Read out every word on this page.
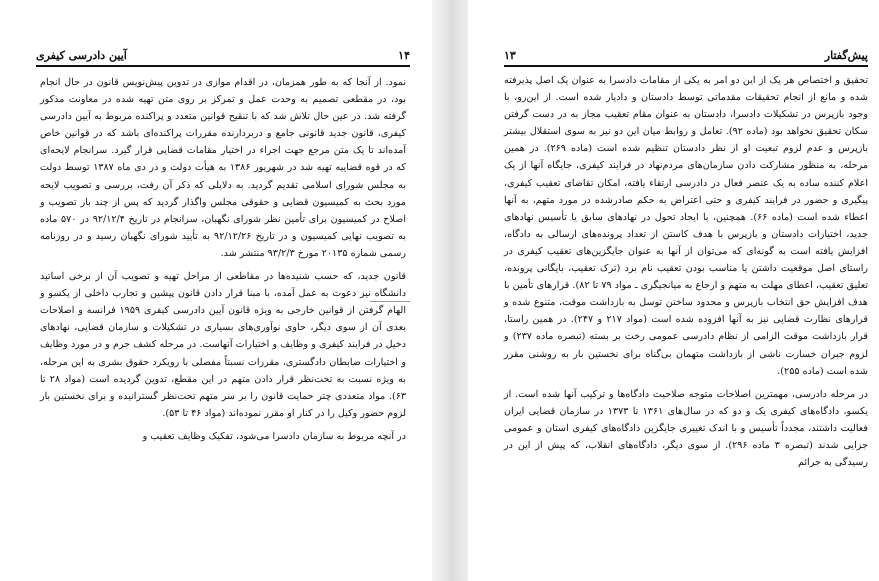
۱۴
آیین دادرسی کیفری

نمود. از آنجا که به طور همزمان، در اقدام موازی در تدوین پیش‌نویس قانون در حال انجام بود، در مقطعی تصمیم به وحدت عمل و تمرکز بر روی متن تهیه شده در معاونت مذکور گرفته شد. در عین حال تلاش شد که با تنقیح قوانین متعدد و پراکنده مربوط به آیین دادرسی کیفری، قانون جدید قانونی جامع و دربردارنده مقررات پراکنده‌ای باشد که در قوانین خاص آمده‌اند تا یک متن مرجع جهت اجراء در اختیار مقامات قضایی قرار گیرد. سرانجام لایحه‌ای که در قوه قضاییه تهیه شد در شهریور ۱۳۸۶ به هیأت دولت و در دی ماه ۱۳۸۷ توسط دولت به مجلس شورای اسلامی تقدیم گردید. به دلایلی که ذکر آن رفت، بررسی و تصویب لایحه مورد بحث به کمیسیون قضایی و حقوقی مجلس واگذار گردید که پس از چند بار تصویب و اصلاح در کمیسیون برای تأمین نظر شورای نگهبان، سرانجام در تاریخ ۹۲/۱۲/۴ در ۵۷۰ ماده به تصویب نهایی کمیسیون و در تاریخ ۹۲/۱۲/۲۶ به تأیید شورای نگهبان رسید و در روزنامه رسمی شماره ۲۰۱۳۵ مورخ ۹۳/۲/۳ منتشر شد.

قانون جدید، که حسب شنیده‌ها در مقاطعی از مراحل تهیه و تصویب آن از برخی اساتید دانشگاه نیز دعوت به عمل آمده، با مبنا قرار دادن قانون پیشین و تجارب داخلی از یکسو و الهام گرفتن از قوانین خارجی به ویژه قانون آیین دادرسی کیفری ۱۹۵۹ فرانسه و اصلاحات بعدی آن از سوی دیگر، حاوی نوآوری‌های بسیاری در تشکیلات و سازمان قضایی، نهادهای دخیل در فرایند کیفری و وظایف و اختیارات آنهاست. در مرحله کشف جرم و در مورد وظایف و اختیارات ضابطان دادگستری، مقررات نسبتاً مفصلی با رویکرد حقوق بشری به این مرحله، به ویژه نسبت به تحت‌نظر قرار دادن متهم در این مقطع، تدوین گردیده است (مواد ۲۸ تا ۶۳). مواد متعددی چتر حمایت قانون را بر سر متهم تحت‌نظر گسترانیده و برای نخستین بار لزوم حضور وکیل را در کنار او مقرر نموده‌اند (مواد ۴۶ تا ۵۳).

در آنچه مربوط به سازمان دادسرا می‌شود، تفکیک وظایف تعقیب و

پیش‌گفتار
۱۳

تحقیق و اختصاص هر یک از این دو امر به یکی از مقامات دادسرا به عنوان یک اصل پذیرفته شده و مانع از انجام تحقیقات مقدماتی توسط دادستان و دادیار شده است. از این‌رو، با وجود بازپرس در تشکیلات دادسرا، دادستان به عنوان مقام تعقیب مجاز به در دست گرفتن سکان تحقیق نخواهد بود (ماده ۹۲). تعامل و روابط میان این دو نیز به سوی استقلال بیشتر بازپرس و عدم لزوم تبعیت او از نظر دادستان تنظیم شده است (ماده ۲۶۹). در همین مرحله، به منظور مشارکت دادن سازمان‌های مردم‌نهاد در فرایند کیفری، جایگاه آنها از یک اعلام کننده ساده به یک عنصر فعال در دادرسی ارتقاء یافته، امکان تقاضای تعقیب کیفری، پیگیری و حضور در فرایند کیفری و حتی اعتراض به حکم صادرشده در مورد متهم، به آنها اعطاء شده است (ماده ۶۶). همچنین، با ایجاد تحول در نهادهای سابق یا تأسیس نهادهای جدید، اختیارات دادستان و بازپرس با هدف کاستن از تعداد پرونده‌های ارسالی به دادگاه، افزایش یافته است به گونه‌ای که می‌توان از آنها به عنوان جایگزین‌های تعقیب کیفری در راستای اصل موقعیت داشتن یا مناسب بودن تعقیب نام برد (ترک تعقیب، بایگانی پرونده، تعلیق تعقیب، اعطای مهلت به متهم و ارجاع به میانجیگری ـ مواد ۷۹ تا ۸۲). قرارهای تأمین با هدف افزایش حق انتخاب بازپرس و محدود ساختن توسل به بازداشت موقت، متنوع شده و قرارهای نظارت قضایی نیز به آنها افزوده شده است (مواد ۲۱۷ و ۲۴۷). در همین راستا، قرار بازداشت موقت الزامی از نظام دادرسی عمومی رخت بر بسته (تبصره ماده ۲۳۷) و لزوم جبران خسارت ناشی از بازداشت متهمان بی‌گناه برای نخستین بار به روشنی مقرر شده است (ماده ۲۵۵).

در مرحله دادرسی، مهمترین اصلاحات متوجه صلاحیت دادگاه‌ها و ترکیب آنها شده است. از یکسو، دادگاه‌های کیفری یک و دو که در سال‌های ۱۳۶۱ تا ۱۳۷۳ در سازمان قضایی ایران فعالیت داشتند، مجدداً تأسیس و با اندک تغییری جایگزین دادگاه‌های کیفری استان و عمومی جزایی شدند (تبصره ۳ ماده ۲۹۶). از سوی دیگر، دادگاه‌های انقلاب، که پیش از این در رسیدگی به جرائم
